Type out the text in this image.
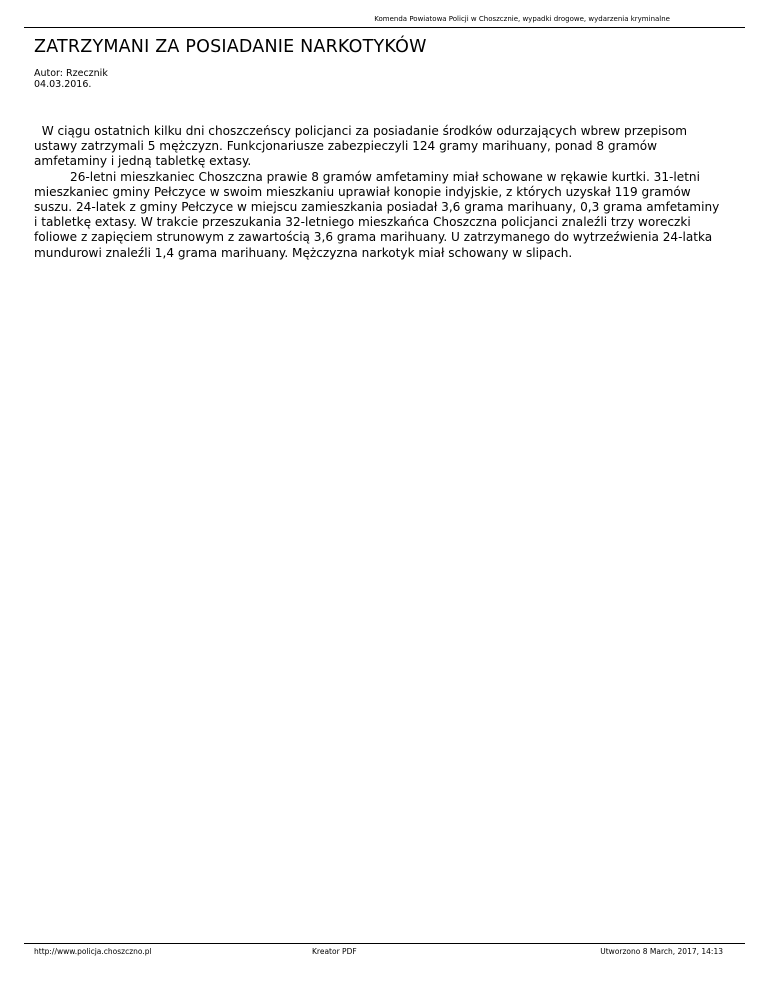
Komenda Powiatowa Policji w Choszcznie, wypadki drogowe, wydarzenia kryminalne
ZATRZYMANI ZA POSIADANIE NARKOTYKÓW
Autor: Rzecznik
04.03.2016.

W ciągu ostatnich kilku dni choszczeńscy policjanci za posiadanie środków odurzających wbrew przepisom ustawy zatrzymali 5 mężczyzn. Funkcjonariusze zabezpieczyli 124 gramy marihuany, ponad 8 gramów amfetaminy i jedną tabletkę extasy.

26-letni mieszkaniec Choszczna prawie 8 gramów amfetaminy miał schowane w rękawie kurtki. 31-letni mieszkaniec gminy Pełczyce w swoim mieszkaniu uprawiał konopie indyjskie, z których uzyskał 119 gramów suszu. 24-latek z gminy Pełczyce w miejscu zamieszkania posiadał 3,6 grama marihuany, 0,3 grama amfetaminy i tabletkę extasy. W trakcie przeszukania 32-letniego mieszkańca Choszczna policjanci znaleźli trzy woreczki foliowe z zapięciem strunowym z zawartością 3,6 grama marihuany. U zatrzymanego do wytrzeźwienia 24-latka mundurowi znaleźli 1,4 grama marihuany. Mężczyzna narkotyk miał schowany w slipach.

http://www.policja.choszczno.pl	Kreator PDF	Utworzono 8 March, 2017, 14:13
